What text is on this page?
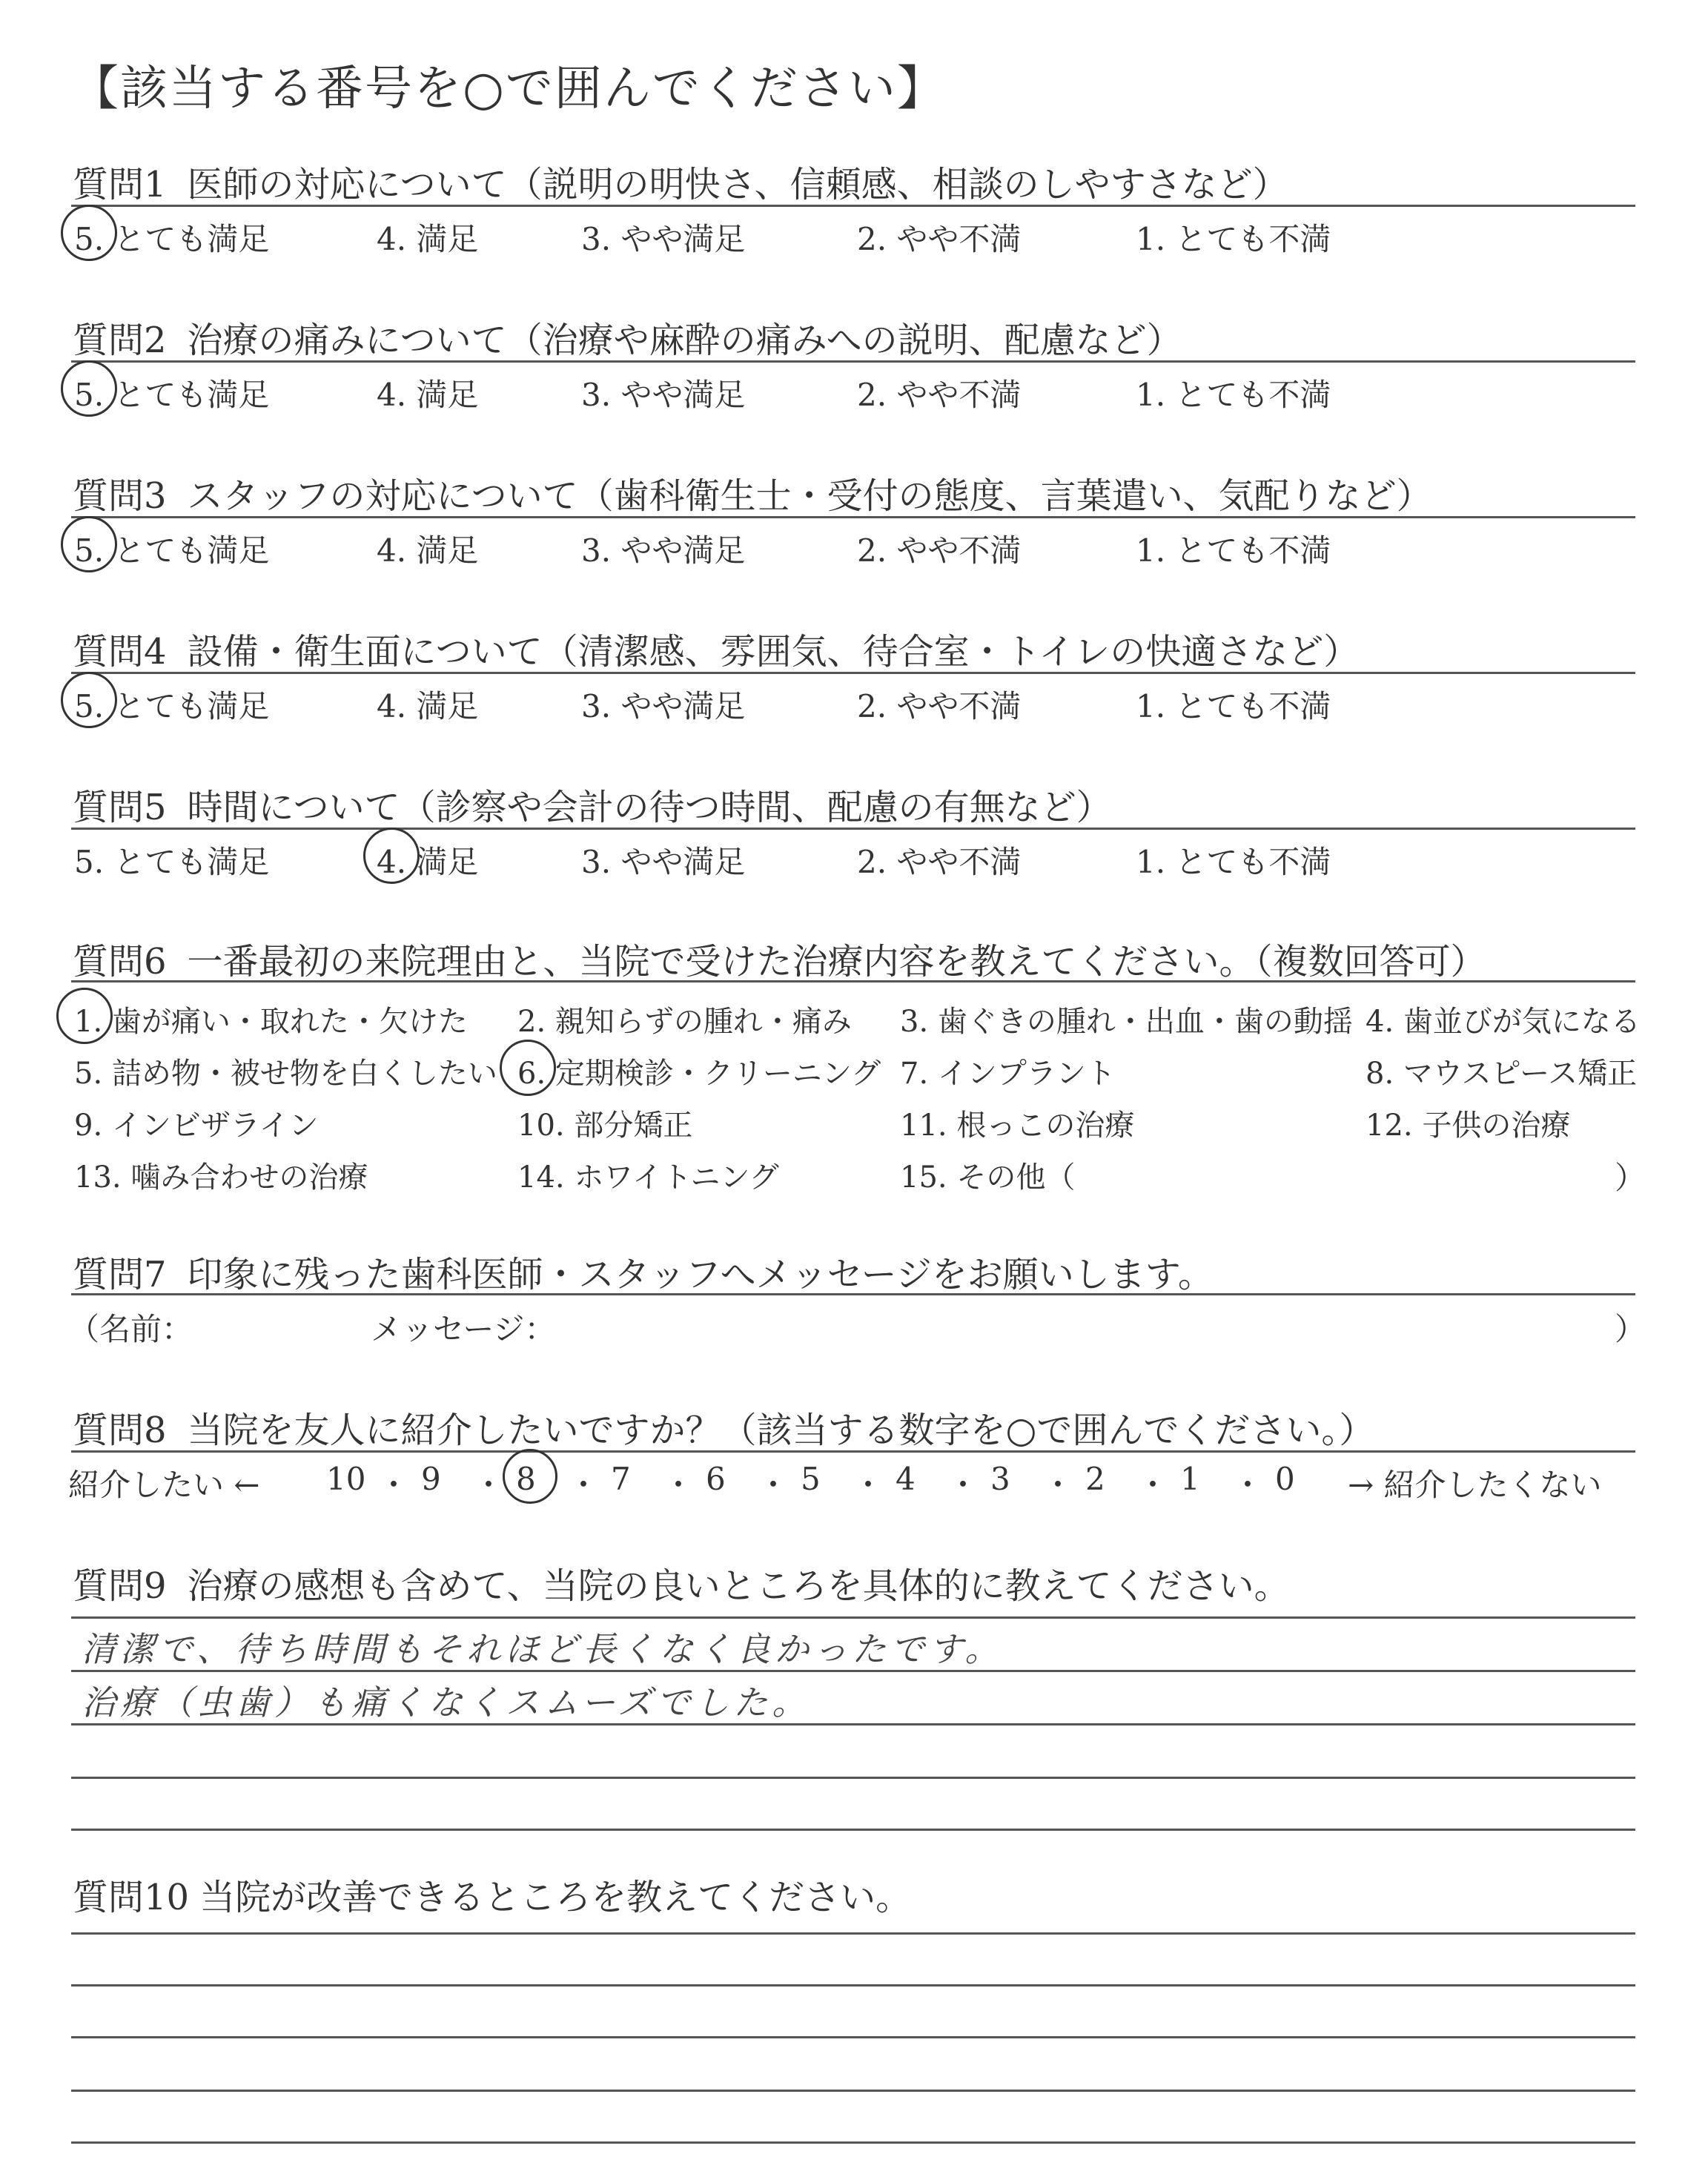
【該当する番号を○で囲んでください】
質問1 医師の対応について（説明の明快さ、信頼感、相談のしやすさなど）
5. とても満足	4. 満足	3. やや満足	2. やや不満	1. とても不満
質問2 治療の痛みについて（治療や麻酔の痛みへの説明、配慮など）
5. とても満足	4. 満足	3. やや満足	2. やや不満	1. とても不満
質問3 スタッフの対応について（歯科衛生士・受付の態度、言葉遣い、気配りなど）
5. とても満足	4. 満足	3. やや満足	2. やや不満	1. とても不満
質問4 設備・衛生面について（清潔感、雰囲気、待合室・トイレの快適さなど）
5. とても満足	4. 満足	3. やや満足	2. やや不満	1. とても不満
質問5 時間について（診察や会計の待つ時間、配慮の有無など）
5. とても満足	4. 満足	3. やや満足	2. やや不満	1. とても不満
質問6 一番最初の来院理由と、当院で受けた治療内容を教えてください。（複数回答可）
1. 歯が痛い・取れた・欠けた 2. 親知らずの腫れ・痛み 3. 歯ぐきの腫れ・出血・歯の動揺 4. 歯並びが気になる
5. 詰め物・被せ物を白くしたい 6. 定期検診・クリーニング 7. インプラント	8. マウスピース矯正
9. インビザライン	10. 部分矯正	11. 根っこの治療	12. 子供の治療
13. 噛み合わせの治療	14. ホワイトニング	15. その他（	）
質問7 印象に残った歯科医師・スタッフへメッセージをお願いします。
（名前：	メッセージ：	）
質問8 当院を友人に紹介したいですか？（該当する数字を○で囲んでください。）
紹介したい ← 10 ・ 9 ・ 8 ・ 7 ・ 6 ・ 5 ・ 4 ・ 3 ・ 2 ・ 1 ・ 0 → 紹介したくない
質問9 治療の感想も含めて、当院の良いところを具体的に教えてください。
清潔で、待ち時間もそれほど長くなく良かったです。
治療（虫歯）も痛くなくスムーズでした。
質問10 当院が改善できるところを教えてください。
